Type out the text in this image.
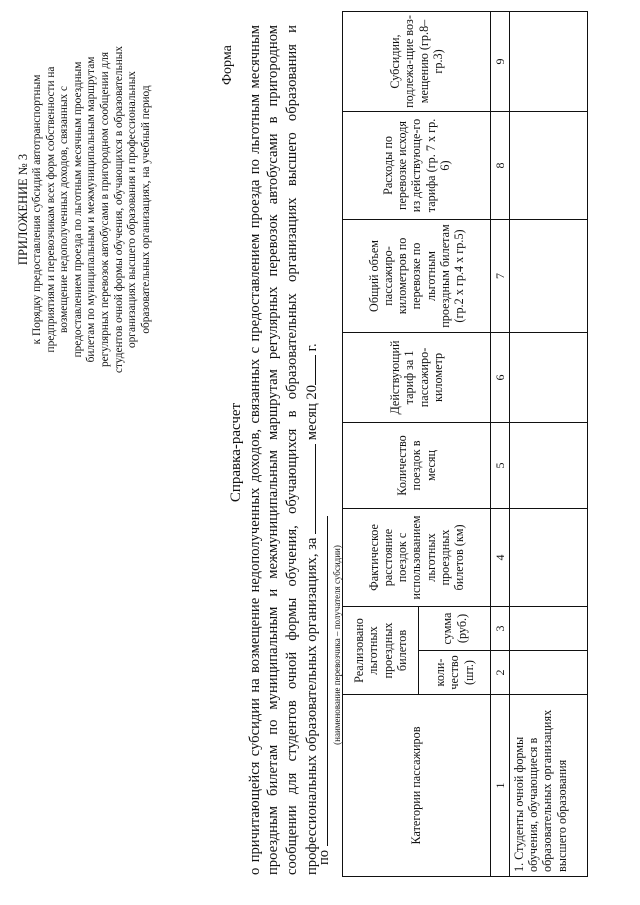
ПРИЛОЖЕНИЕ № 3 к Порядку предоставления субсидий автотранспортным предприятиям и перевозчикам всех форм собственности на возмещение недополученных доходов, связанных с предоставлением проезда по льготным месячным проездным билетам по муниципальным и межмуниципальным маршрутам регулярных перевозок автобусами в пригородном сообщении для студентов очной формы обучения, обучающихся в образовательных организациях высшего образования и профессиональных образовательных организациях, на учебный период
Форма
Справка-расчет о причитающейся субсидии на возмещение недополученных доходов, связанных с предоставлением проезда по льготным месячным проездным билетам по муниципальным и межмуниципальным маршрутам регулярных перевозок автобусами в пригородном сообщении для студентов очной формы обучения, обучающихся в образовательных организациях высшего образования и профессиональных образовательных организациях, за  месяц 20 г.
по
(наименование перевозчика – получателя субсидии)
Категории пассажиров	Реализовано льготных проездных билетов		Фактическое расстояние поездок с использованием льготных проездных билетов (км)	Количество поездок в месяц	Действующий тариф за 1 пассажиро-километр	Общий объем пассажиро-километров по перевозке по льготным проездным билетам (гр.2 х гр.4 х гр.5)	Расходы по перевозке исходя из действующе-го тарифа (гр. 7 х гр. 6)	Субсидии, подлежа-щие воз-мещению (гр.8–гр.3)
	коли-чество (шт.)	сумма (руб.)						
1	2	3	4	5	6	7	8	9
1. Студенты очной формы обучения, обучающиеся в образовательных организациях высшего образования								
